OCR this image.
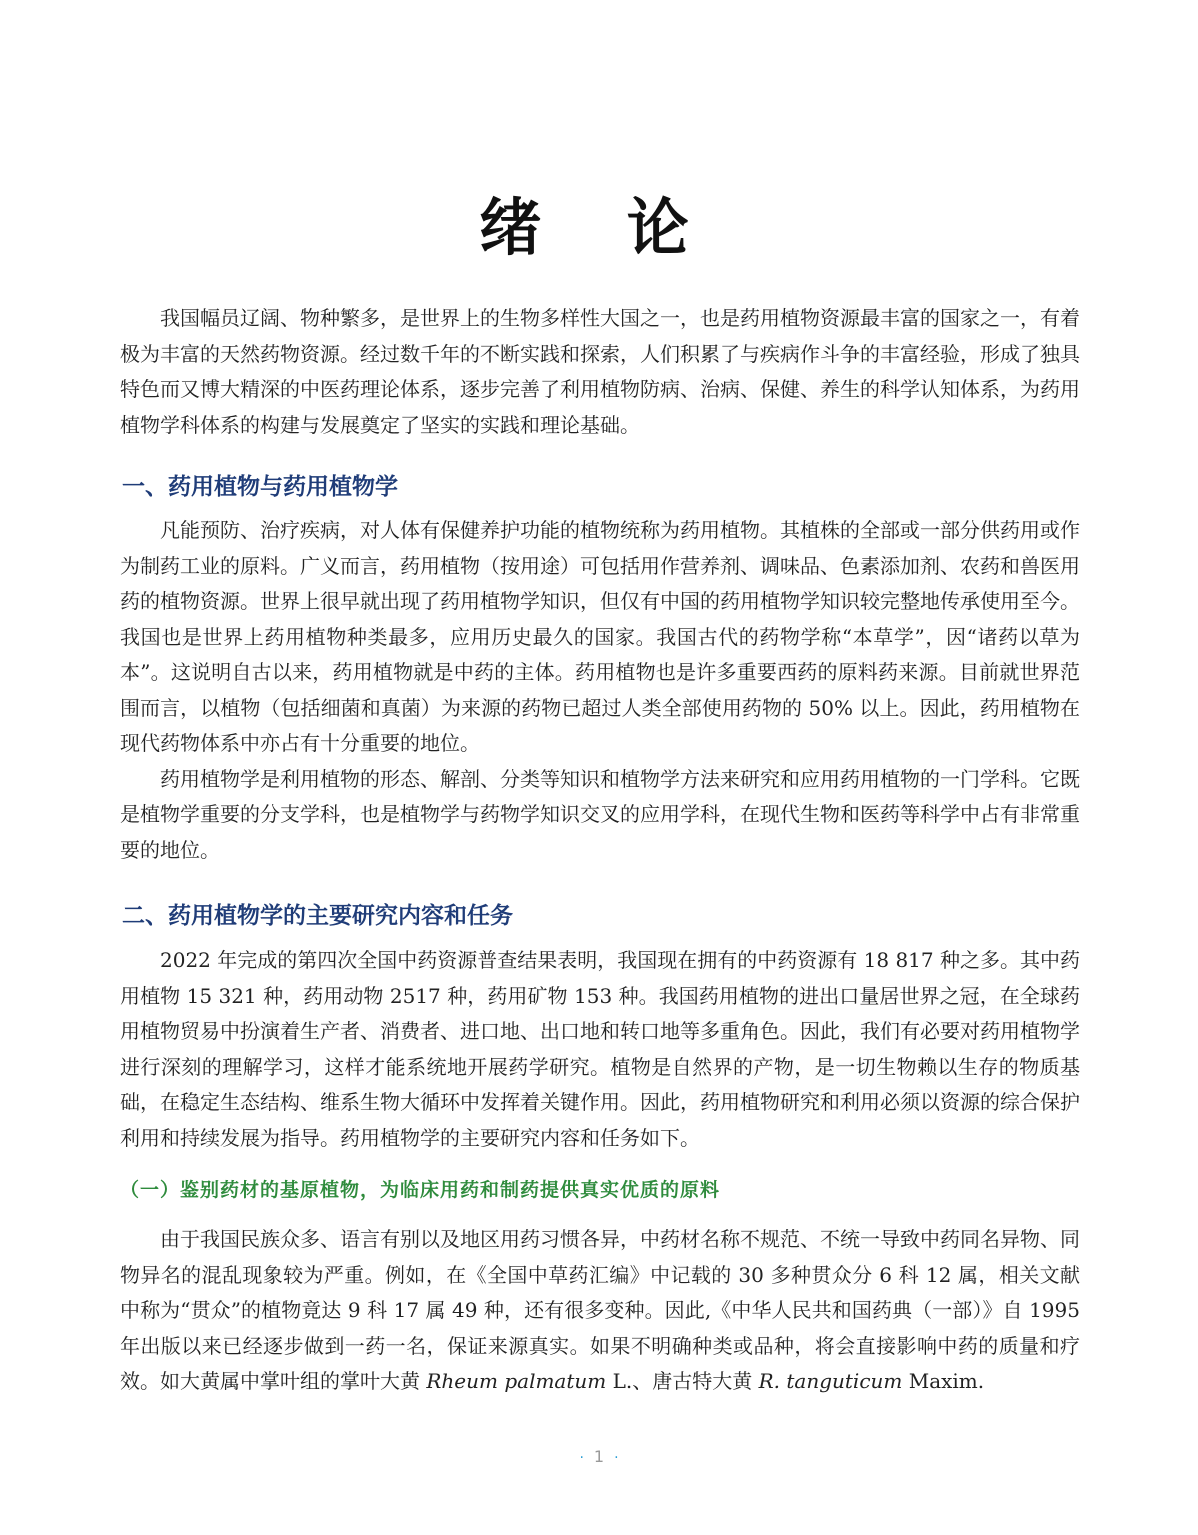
绪 论

我国幅员辽阔、物种繁多，是世界上的生物多样性大国之一，也是药用植物资源最丰富的国家之一，有着极为丰富的天然药物资源。经过数千年的不断实践和探索，人们积累了与疾病作斗争的丰富经验，形成了独具特色而又博大精深的中医药理论体系，逐步完善了利用植物防病、治病、保健、养生的科学认知体系，为药用植物学科体系的构建与发展奠定了坚实的实践和理论基础。

一、药用植物与药用植物学

凡能预防、治疗疾病，对人体有保健养护功能的植物统称为药用植物。其植株的全部或一部分供药用或作为制药工业的原料。广义而言，药用植物（按用途）可包括用作营养剂、调味品、色素添加剂、农药和兽医用药的植物资源。世界上很早就出现了药用植物学知识，但仅有中国的药用植物学知识较完整地传承使用至今。我国也是世界上药用植物种类最多，应用历史最久的国家。我国古代的药物学称“本草学”，因“诸药以草为本”。这说明自古以来，药用植物就是中药的主体。药用植物也是许多重要西药的原料药来源。目前就世界范围而言，以植物（包括细菌和真菌）为来源的药物已超过人类全部使用药物的 50% 以上。因此，药用植物在现代药物体系中亦占有十分重要的地位。

药用植物学是利用植物的形态、解剖、分类等知识和植物学方法来研究和应用药用植物的一门学科。它既是植物学重要的分支学科，也是植物学与药物学知识交叉的应用学科，在现代生物和医药等科学中占有非常重要的地位。

二、药用植物学的主要研究内容和任务

2022 年完成的第四次全国中药资源普查结果表明，我国现在拥有的中药资源有 18 817 种之多。其中药用植物 15 321 种，药用动物 2517 种，药用矿物 153 种。我国药用植物的进出口量居世界之冠，在全球药用植物贸易中扮演着生产者、消费者、进口地、出口地和转口地等多重角色。因此，我们有必要对药用植物学进行深刻的理解学习，这样才能系统地开展药学研究。植物是自然界的产物，是一切生物赖以生存的物质基础，在稳定生态结构、维系生物大循环中发挥着关键作用。因此，药用植物研究和利用必须以资源的综合保护利用和持续发展为指导。药用植物学的主要研究内容和任务如下。

（一）鉴别药材的基原植物，为临床用药和制药提供真实优质的原料

由于我国民族众多、语言有别以及地区用药习惯各异，中药材名称不规范、不统一导致中药同名异物、同物异名的混乱现象较为严重。例如，在《全国中草药汇编》中记载的 30 多种贯众分 6 科 12 属，相关文献中称为“贯众”的植物竟达 9 科 17 属 49 种，还有很多变种。因此,《中华人民共和国药典（一部）》自 1995 年出版以来已经逐步做到一药一名，保证来源真实。如果不明确种类或品种，将会直接影响中药的质量和疗效。如大黄属中掌叶组的掌叶大黄 Rheum palmatum L.、唐古特大黄 R. tanguticum Maxim.

· 1 ·
